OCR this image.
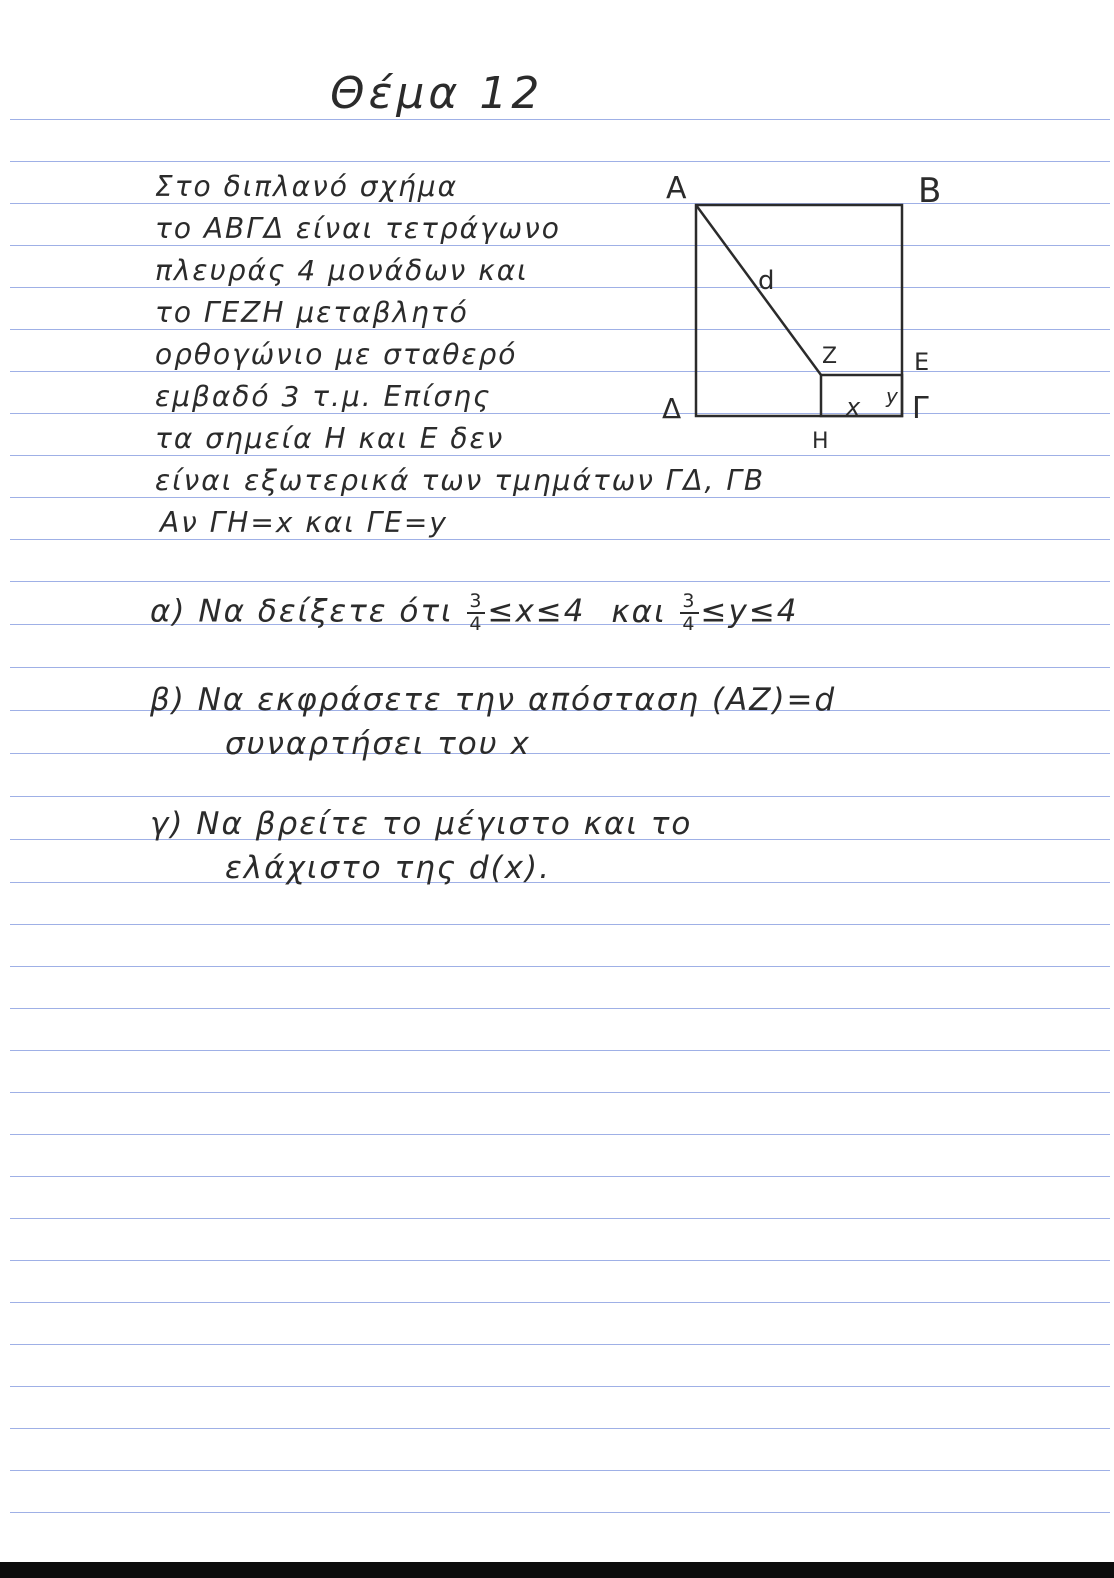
Θέμα 12
Στο διπλανό σχήμα
το ΑΒΓΔ είναι τετράγωνο
πλευράς 4 μονάδων και
το ΓΕΖΗ μεταβλητό
ορθογώνιο με σταθερό
εμβαδό 3 τ.μ. Επίσης
τα σημεία Η και Ε δεν
είναι εξωτερικά των τμημάτων ΓΔ, ΓΒ
Αν ΓΗ=x και ΓΕ=y
A	B
Δ	Γ
E
Z
H
d
x y
α) Να δείξετε ότι $\frac{3}{4} \le x\le 4$ και $\frac{3}{4} \le y\le 4$
β) Να εκφράσετε την απόσταση (ΑΖ)=d
συναρτήσει του x
γ) Να βρείτε το μέγιστο και το
ελάχιστο της d(x).
